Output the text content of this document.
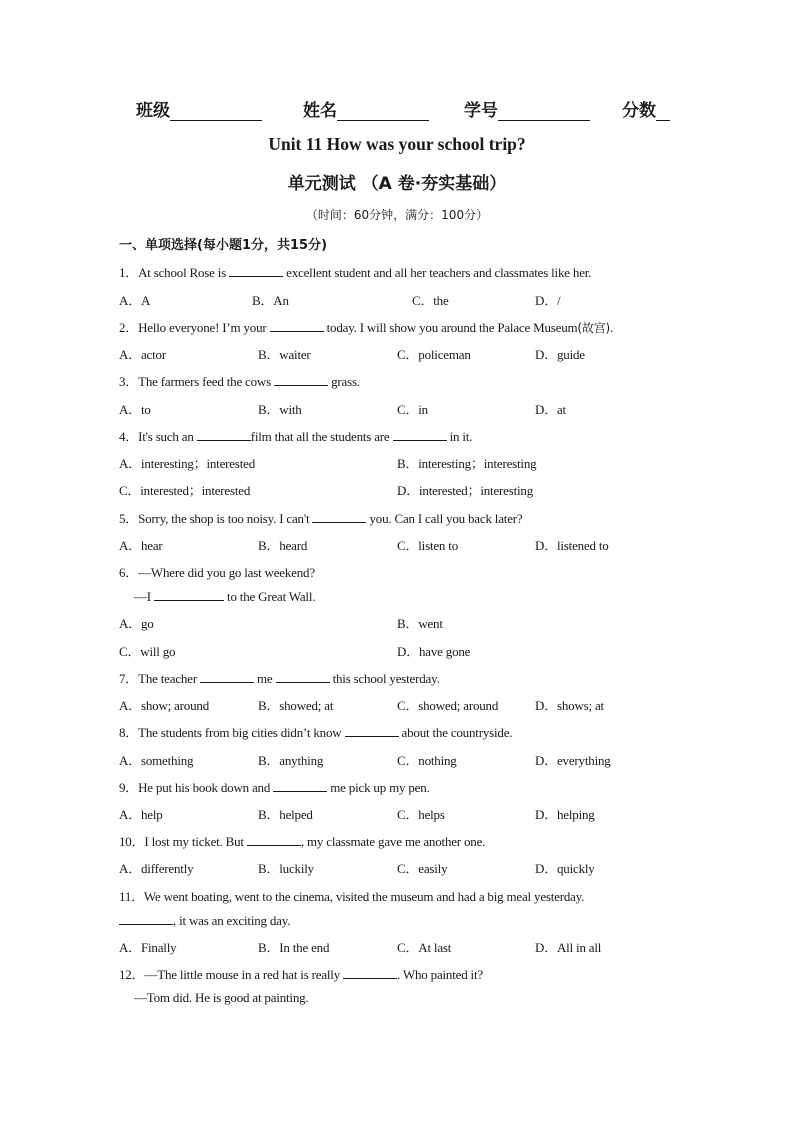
班级	姓名	学号	分数
Unit 11 How was your school trip?
单元测试 （A 卷·夯实基础）
（时间：60分钟，满分：100分）
一、单项选择(每小题1分，共15分)
1．At school Rose is	excellent student and all her teachers and classmates like her.
A．A	B．An	C．the	D．/
2．Hello everyone! I’m your	today. I will show you around the Palace Museum(故宫).
A．actor	B．waiter	C．policeman	D．guide
3．The farmers feed the cows	grass.
A．to	B．with	C．in	D．at
4．It's such an	film that all the students are	in it.
A．interesting；interested	B．interesting；interesting
C．interested；interested	D．interested；interesting
5．Sorry, the shop is too noisy. I can't	you. Can I call you back later?
A．hear	B．heard	C．listen to	D．listened to
6．—Where did you go last weekend?
—I	to the Great Wall.
A．go	B．went
C．will go	D．have gone
7．The teacher	me	this school yesterday.
A．show; around	B．showed; at	C．showed; around	D．shows; at
8．The students from big cities didn’t know	about the countryside.
A．something	B．anything	C．nothing	D．everything
9．He put his book down and	me pick up my pen.
A．help	B．helped	C．helps	D．helping
10．I lost my ticket. But	, my classmate gave me another one.
A．differently	B．luckily	C．easily	D．quickly
11．We went boating, went to the cinema, visited the museum and had a big meal yesterday.
, it was an exciting day.
A．Finally	B．In the end	C．At last	D．All in all
12．—The little mouse in a red hat is really	. Who painted it?
—Tom did. He is good at painting.
